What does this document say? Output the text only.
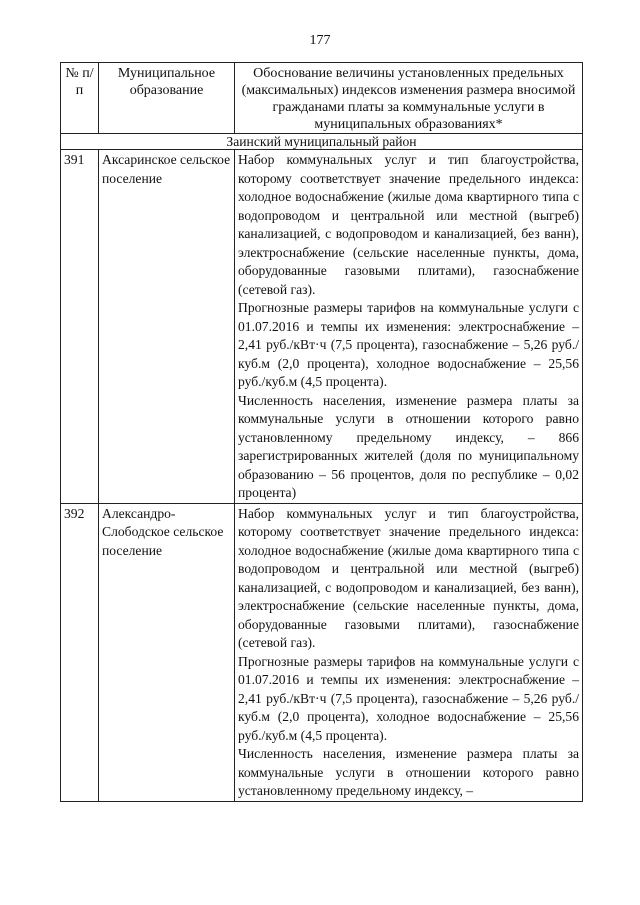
177
№ п/п	Муниципальное образование	Обоснование величины установленных предельных (максимальных) индексов изменения размера вносимой гражданами платы за коммунальные услуги в муниципальных образованиях*
Заинский муниципальный район		
391	Аксаринское сельское поселение	Набор коммунальных услуг и тип благоустройства, которому соответствует значение предельного индекса: холодное водоснабжение (жилые дома квартирного типа с водопроводом и центральной или местной (выгреб) канализацией, с водопроводом и канализацией, без ванн), электроснабжение (сельские населенные пункты, дома, оборудованные газовыми плитами), газоснабжение (сетевой газ).

Прогнозные размеры тарифов на коммунальные услуги с 01.07.2016 и темпы их изменения: электроснабжение – 2,41 руб./кВт·ч (7,5 процента), газоснабжение – 5,26 руб./куб.м (2,0 процента), холодное водоснабжение – 25,56 руб./куб.м (4,5 процента).

Численность населения, изменение размера платы за коммунальные услуги в отношении которого равно установленному предельному индексу, – 866 зарегистрированных жителей (доля по муниципальному образованию – 56 процентов, доля по республике – 0,02 процента)

392	Александро-Слободское сельское поселение	Набор коммунальных услуг и тип благоустройства, которому соответствует значение предельного индекса: холодное водоснабжение (жилые дома квартирного типа с водопроводом и центральной или местной (выгреб) канализацией, с водопроводом и канализацией, без ванн), электроснабжение (сельские населенные пункты, дома, оборудованные газовыми плитами), газоснабжение (сетевой газ).

Прогнозные размеры тарифов на коммунальные услуги с 01.07.2016 и темпы их изменения: электроснабжение – 2,41 руб./кВт·ч (7,5 процента), газоснабжение – 5,26 руб./куб.м (2,0 процента), холодное водоснабжение – 25,56 руб./куб.м (4,5 процента).

Численность населения, изменение размера платы за коммунальные услуги в отношении которого равно установленному предельному индексу, –
